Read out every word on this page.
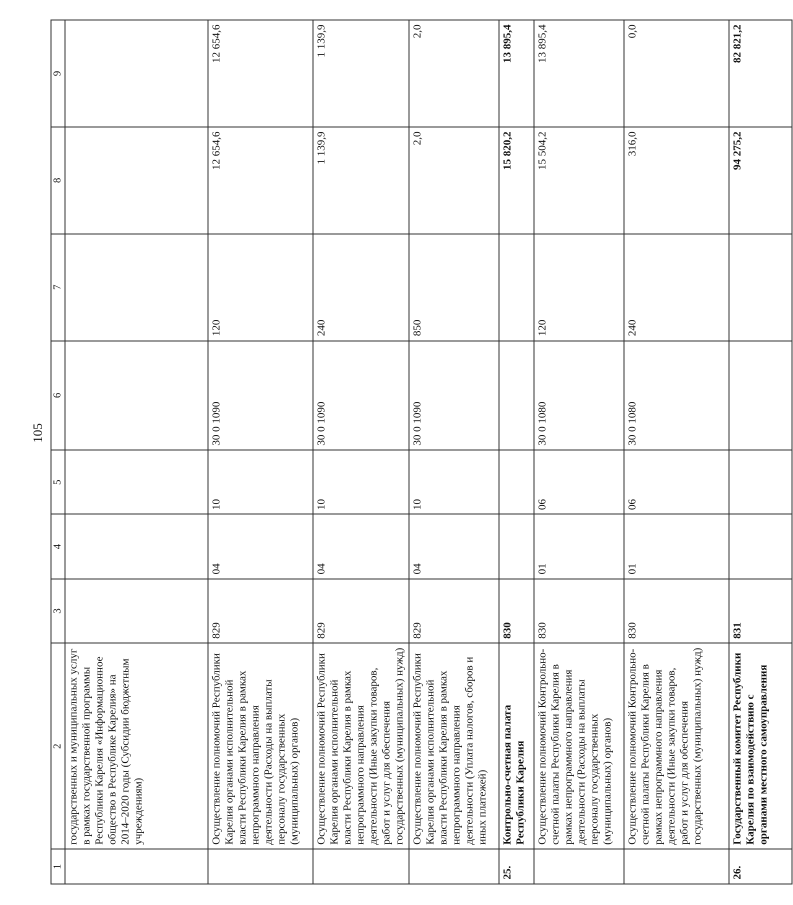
105
1	2	3	4	5	6	7	8	9
	государственных и муниципальных услуг в рамках государственной программы Республики Карелия «Информационное общество в Республике Карелия» на 2014–2020 годы (Субсидии бюджетным учреждениям)							
	Осуществление полномочий Республики Карелия органами исполнительной власти Республики Карелия в рамках непрограммного направления деятельности (Расходы на выплаты персоналу государственных (муниципальных) органов)	829	04	10	30 0 1090	120	12 654,6	12 654,6
	Осуществление полномочий Республики Карелия органами исполнительной власти Республики Карелия в рамках непрограммного направления деятельности (Иные закупки товаров, работ и услуг для обеспечения государственных (муниципальных) нужд)	829	04	10	30 0 1090	240	1 139,9	1 139,9
	Осуществление полномочий Республики Карелия органами исполнительной власти Республики Карелия в рамках непрограммного направления деятельности (Уплата налогов, сборов и иных платежей)	829	04	10	30 0 1090	850	2,0	2,0
25.	Контрольно-счетная палата Республики Карелия	830					15 820,2	13 895,4
	Осуществление полномочий Контрольно-счетной палаты Республики Карелия в рамках непрограммного направления деятельности (Расходы на выплаты персоналу государственных (муниципальных) органов)	830	01	06	30 0 1080	120	15 504,2	13 895,4
	Осуществление полномочий Контрольно-счетной палаты Республики Карелия в рамках непрограммного направления деятельности (Иные закупки товаров, работ и услуг для обеспечения государственных (муниципальных) нужд)	830	01	06	30 0 1080	240	316,0	0,0
26.	Государственный комитет Республики Карелия по взаимодействию с органами местного самоуправления	831					94 275,2	82 821,2
